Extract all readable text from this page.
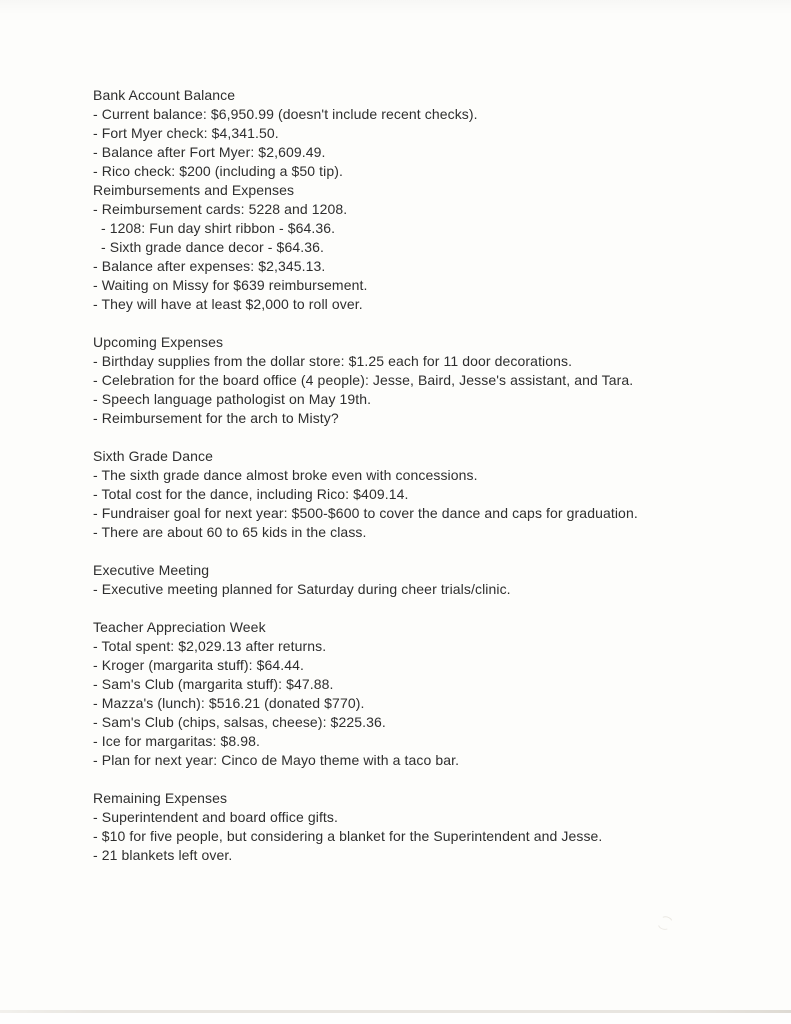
Bank Account Balance
- Current balance: $6,950.99 (doesn't include recent checks).
- Fort Myer check: $4,341.50.
- Balance after Fort Myer: $2,609.49.
- Rico check: $200 (including a $50 tip).
Reimbursements and Expenses
- Reimbursement cards: 5228 and 1208.
- 1208: Fun day shirt ribbon - $64.36.
- Sixth grade dance decor - $64.36.
- Balance after expenses: $2,345.13.
- Waiting on Missy for $639 reimbursement.
- They will have at least $2,000 to roll over.
Upcoming Expenses
- Birthday supplies from the dollar store: $1.25 each for 11 door decorations.
- Celebration for the board office (4 people): Jesse, Baird, Jesse's assistant, and Tara.
- Speech language pathologist on May 19th.
- Reimbursement for the arch to Misty?
Sixth Grade Dance
- The sixth grade dance almost broke even with concessions.
- Total cost for the dance, including Rico: $409.14.
- Fundraiser goal for next year: $500-$600 to cover the dance and caps for graduation.
- There are about 60 to 65 kids in the class.
Executive Meeting
- Executive meeting planned for Saturday during cheer trials/clinic.
Teacher Appreciation Week
- Total spent: $2,029.13 after returns.
- Kroger (margarita stuff): $64.44.
- Sam's Club (margarita stuff): $47.88.
- Mazza's (lunch): $516.21 (donated $770).
- Sam's Club (chips, salsas, cheese): $225.36.
- Ice for margaritas: $8.98.
- Plan for next year: Cinco de Mayo theme with a taco bar.
Remaining Expenses
- Superintendent and board office gifts.
- $10 for five people, but considering a blanket for the Superintendent and Jesse.
- 21 blankets left over.
